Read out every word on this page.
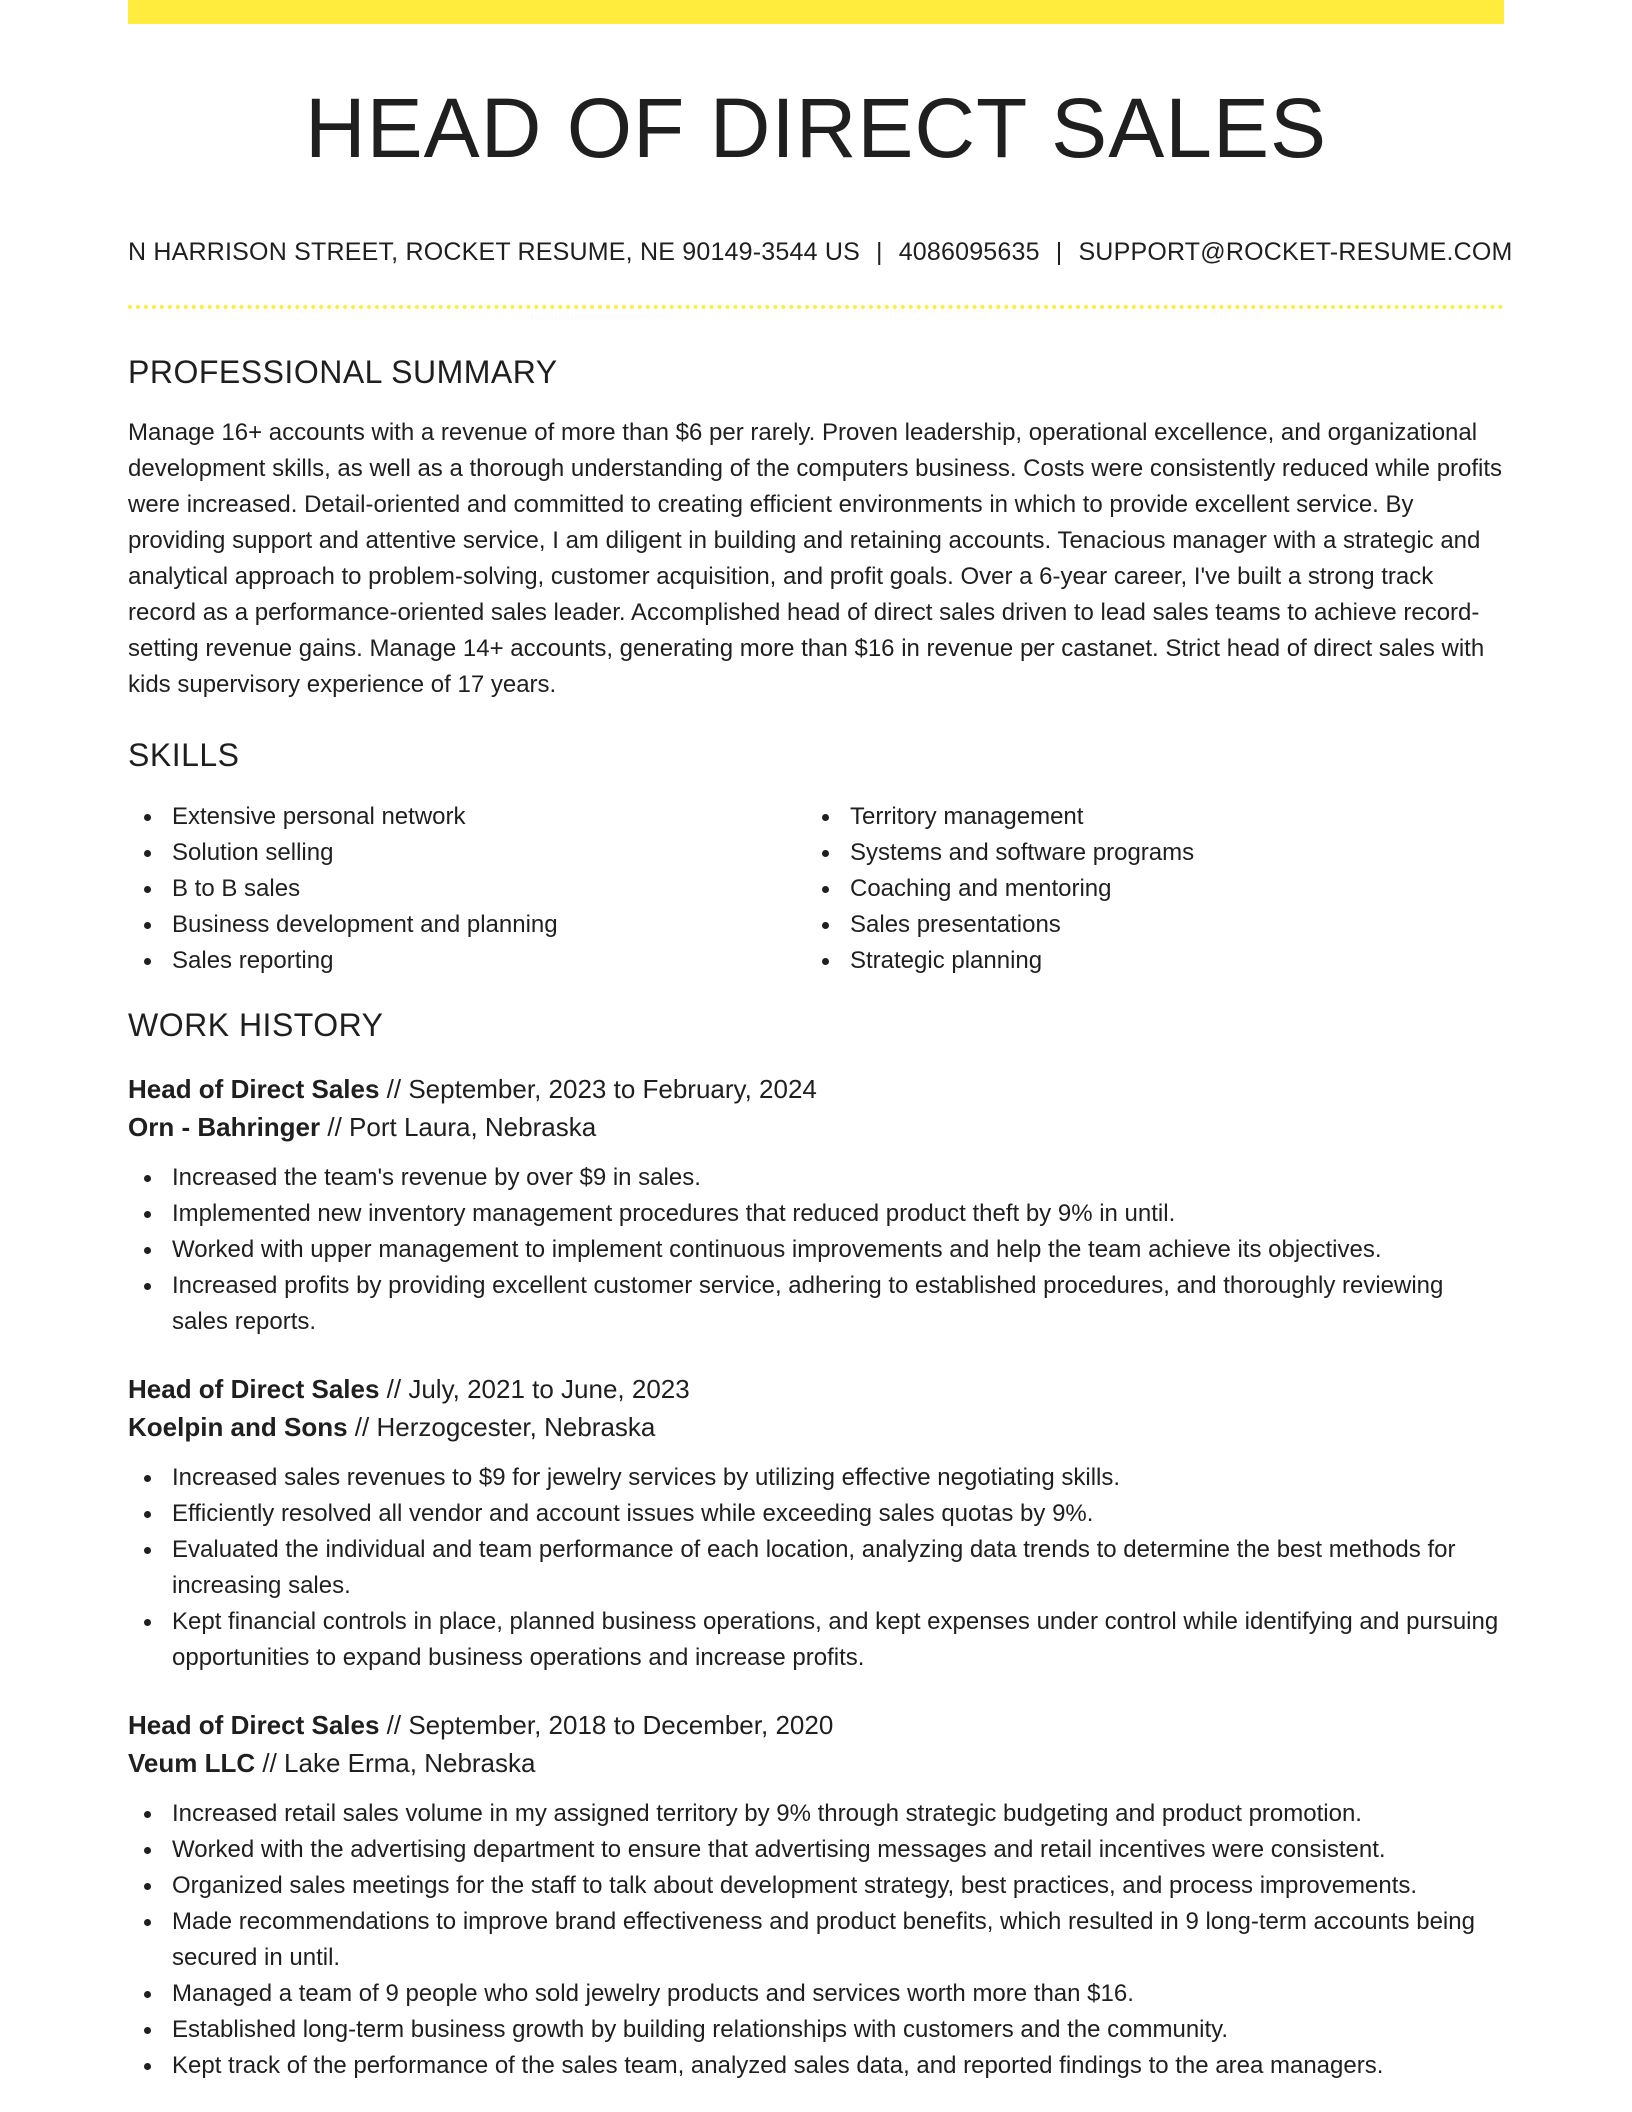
HEAD OF DIRECT SALES
N HARRISON STREET, ROCKET RESUME, NE 90149-3544 US | 4086095635 | SUPPORT@ROCKET-RESUME.COM
PROFESSIONAL SUMMARY
Manage 16+ accounts with a revenue of more than $6 per rarely. Proven leadership, operational excellence, and organizational development skills, as well as a thorough understanding of the computers business. Costs were consistently reduced while profits were increased. Detail-oriented and committed to creating efficient environments in which to provide excellent service. By providing support and attentive service, I am diligent in building and retaining accounts. Tenacious manager with a strategic and analytical approach to problem-solving, customer acquisition, and profit goals. Over a 6-year career, I've built a strong track record as a performance-oriented sales leader. Accomplished head of direct sales driven to lead sales teams to achieve record-setting revenue gains. Manage 14+ accounts, generating more than $16 in revenue per castanet. Strict head of direct sales with kids supervisory experience of 17 years.
SKILLS
Extensive personal network
Solution selling
B to B sales
Business development and planning
Sales reporting
Territory management
Systems and software programs
Coaching and mentoring
Sales presentations
Strategic planning
WORK HISTORY
Head of Direct Sales // September, 2023 to February, 2024
Orn - Bahringer // Port Laura, Nebraska
Increased the team's revenue by over $9 in sales.
Implemented new inventory management procedures that reduced product theft by 9% in until.
Worked with upper management to implement continuous improvements and help the team achieve its objectives.
Increased profits by providing excellent customer service, adhering to established procedures, and thoroughly reviewing sales reports.
Head of Direct Sales // July, 2021 to June, 2023
Koelpin and Sons // Herzogcester, Nebraska
Increased sales revenues to $9 for jewelry services by utilizing effective negotiating skills.
Efficiently resolved all vendor and account issues while exceeding sales quotas by 9%.
Evaluated the individual and team performance of each location, analyzing data trends to determine the best methods for increasing sales.
Kept financial controls in place, planned business operations, and kept expenses under control while identifying and pursuing opportunities to expand business operations and increase profits.
Head of Direct Sales // September, 2018 to December, 2020
Veum LLC // Lake Erma, Nebraska
Increased retail sales volume in my assigned territory by 9% through strategic budgeting and product promotion.
Worked with the advertising department to ensure that advertising messages and retail incentives were consistent.
Organized sales meetings for the staff to talk about development strategy, best practices, and process improvements.
Made recommendations to improve brand effectiveness and product benefits, which resulted in 9 long-term accounts being secured in until.
Managed a team of 9 people who sold jewelry products and services worth more than $16.
Established long-term business growth by building relationships with customers and the community.
Kept track of the performance of the sales team, analyzed sales data, and reported findings to the area managers.
